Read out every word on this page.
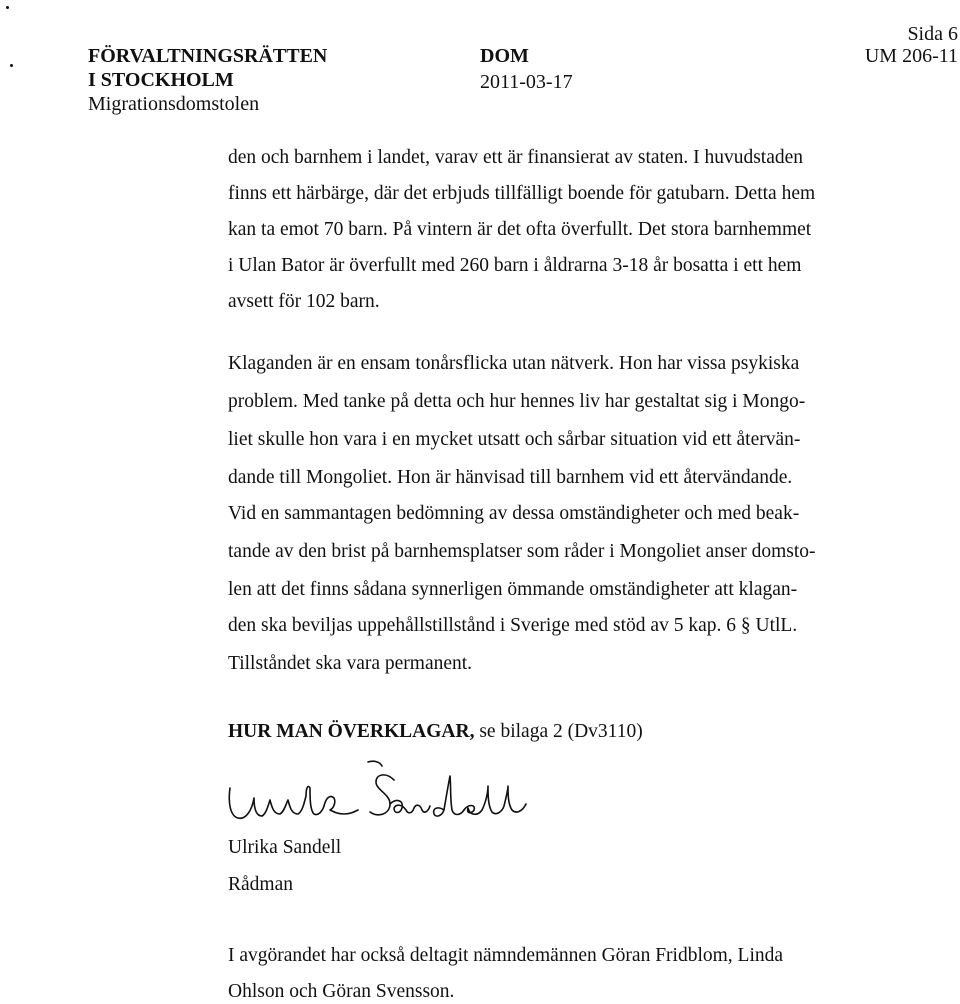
FÖRVALTNINGSRÄTTEN
I STOCKHOLM
Migrationsdomstolen
DOM
2011-03-17
Sida 6
UM 206-11
den och barnhem i landet, varav ett är finansierat av staten. I huvudstaden
finns ett härbärge, där det erbjuds tillfälligt boende för gatubarn. Detta hem
kan ta emot 70 barn. På vintern är det ofta överfullt. Det stora barnhemmet
i Ulan Bator är överfullt med 260 barn i åldrarna 3-18 år bosatta i ett hem
avsett för 102 barn.
Klaganden är en ensam tonårsflicka utan nätverk. Hon har vissa psykiska
problem. Med tanke på detta och hur hennes liv har gestaltat sig i Mongo-
liet skulle hon vara i en mycket utsatt och sårbar situation vid ett återvän-
dande till Mongoliet. Hon är hänvisad till barnhem vid ett återvändande.
Vid en sammantagen bedömning av dessa omständigheter och med beak-
tande av den brist på barnhemsplatser som råder i Mongoliet anser domsto-
len att det finns sådana synnerligen ömmande omständigheter att klagan-
den ska beviljas uppehållstillstånd i Sverige med stöd av 5 kap. 6 § UtlL.
Tillståndet ska vara permanent.
HUR MAN ÖVERKLAGAR, se bilaga 2 (Dv3110)
Ulrika Sandell
Rådman
I avgörandet har också deltagit nämndemännen Göran Fridblom, Linda
Ohlson och Göran Svensson.
